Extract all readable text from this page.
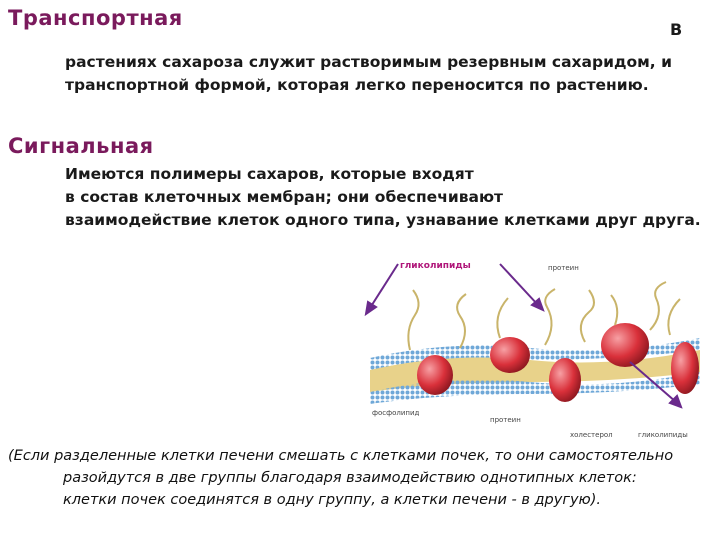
Транспортная	В
растениях сахароза служит растворимым резервным сахаридом, и
транспортной формой, которая легко переносится по растению.
Сигнальная
Имеются полимеры сахаров, которые входят
в состав клеточных мембран; они обеспечивают
взаимодействие клеток одного типа, узнавание клетками друг друга.
гликолипиды	протеин
фосфолипид
протеин
холестерол	гликолипиды
(Если разделенные клетки печени смешать с клетками почек, то они самостоятельно
разойдутся в две группы благодаря взаимодействию однотипных клеток:
клетки почек соединятся в одну группу, а клетки печени - в другую).
